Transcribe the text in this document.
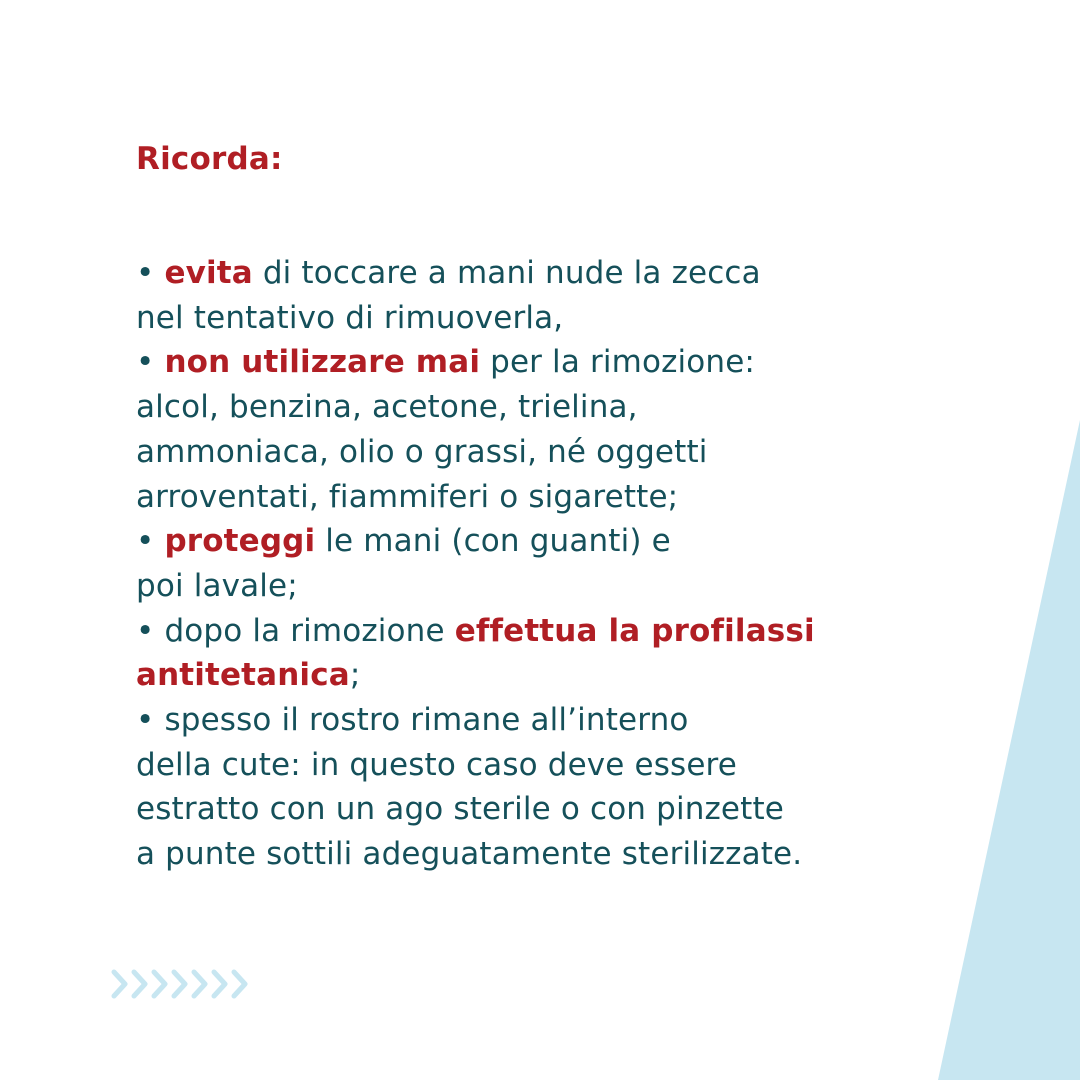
Ricorda:
• evita di toccare a mani nude la zecca
nel tentativo di rimuoverla,
• non utilizzare mai per la rimozione:
alcol, benzina, acetone, trielina,
ammoniaca, olio o grassi, né oggetti
arroventati, fiammiferi o sigarette;
• proteggi le mani (con guanti) e
poi lavale;
• dopo la rimozione effettua la profilassi
antitetanica;
• spesso il rostro rimane all’interno
della cute: in questo caso deve essere
estratto con un ago sterile o con pinzette
a punte sottili adeguatamente sterilizzate.
